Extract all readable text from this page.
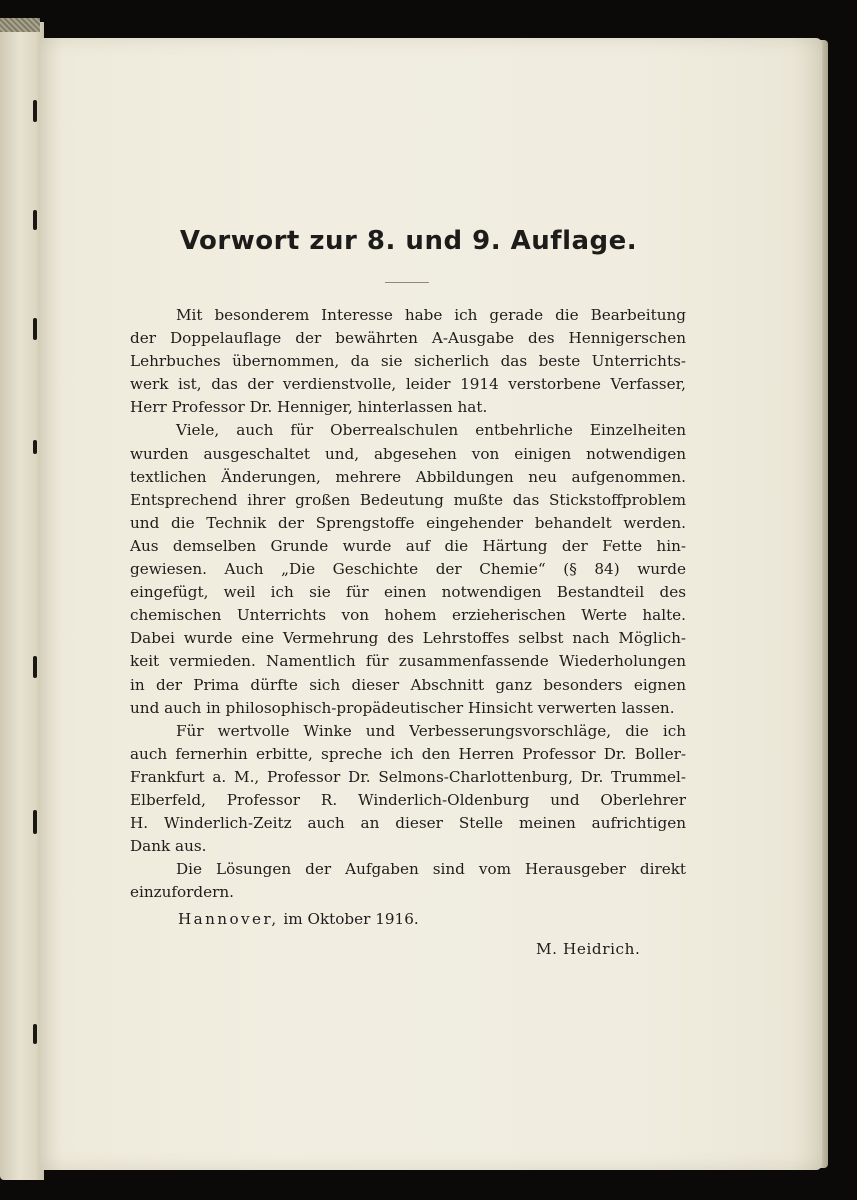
Vorwort zur 8. und 9. Auflage.
Mit besonderem Interesse habe ich gerade die Bearbeitung
der Doppelauflage der bewährten A-Ausgabe des Hennigerschen
Lehrbuches übernommen, da sie sicherlich das beste Unterrichts-
werk ist, das der verdienstvolle, leider 1914 verstorbene Verfasser,
Herr Professor Dr. Henniger, hinterlassen hat.
Viele, auch für Oberrealschulen entbehrliche Einzelheiten
wurden ausgeschaltet und, abgesehen von einigen notwendigen
textlichen Änderungen, mehrere Abbildungen neu aufgenommen.
Entsprechend ihrer großen Bedeutung mußte das Stickstoffproblem
und die Technik der Sprengstoffe eingehender behandelt werden.
Aus demselben Grunde wurde auf die Härtung der Fette hin-
gewiesen. Auch „Die Geschichte der Chemie“ (§ 84) wurde
eingefügt, weil ich sie für einen notwendigen Bestandteil des
chemischen Unterrichts von hohem erzieherischen Werte halte.
Dabei wurde eine Vermehrung des Lehrstoffes selbst nach Möglich-
keit vermieden. Namentlich für zusammenfassende Wiederholungen
in der Prima dürfte sich dieser Abschnitt ganz besonders eignen
und auch in philosophisch-propädeutischer Hinsicht verwerten lassen.
Für wertvolle Winke und Verbesserungsvorschläge, die ich
auch fernerhin erbitte, spreche ich den Herren Professor Dr. Boller-
Frankfurt a. M., Professor Dr. Selmons-Charlottenburg, Dr. Trummel-
Elberfeld, Professor R. Winderlich-Oldenburg und Oberlehrer
H. Winderlich-Zeitz auch an dieser Stelle meinen aufrichtigen
Dank aus.
Die Lösungen der Aufgaben sind vom Herausgeber direkt
einzufordern.
Hannover, im Oktober 1916.
M. Heidrich.
